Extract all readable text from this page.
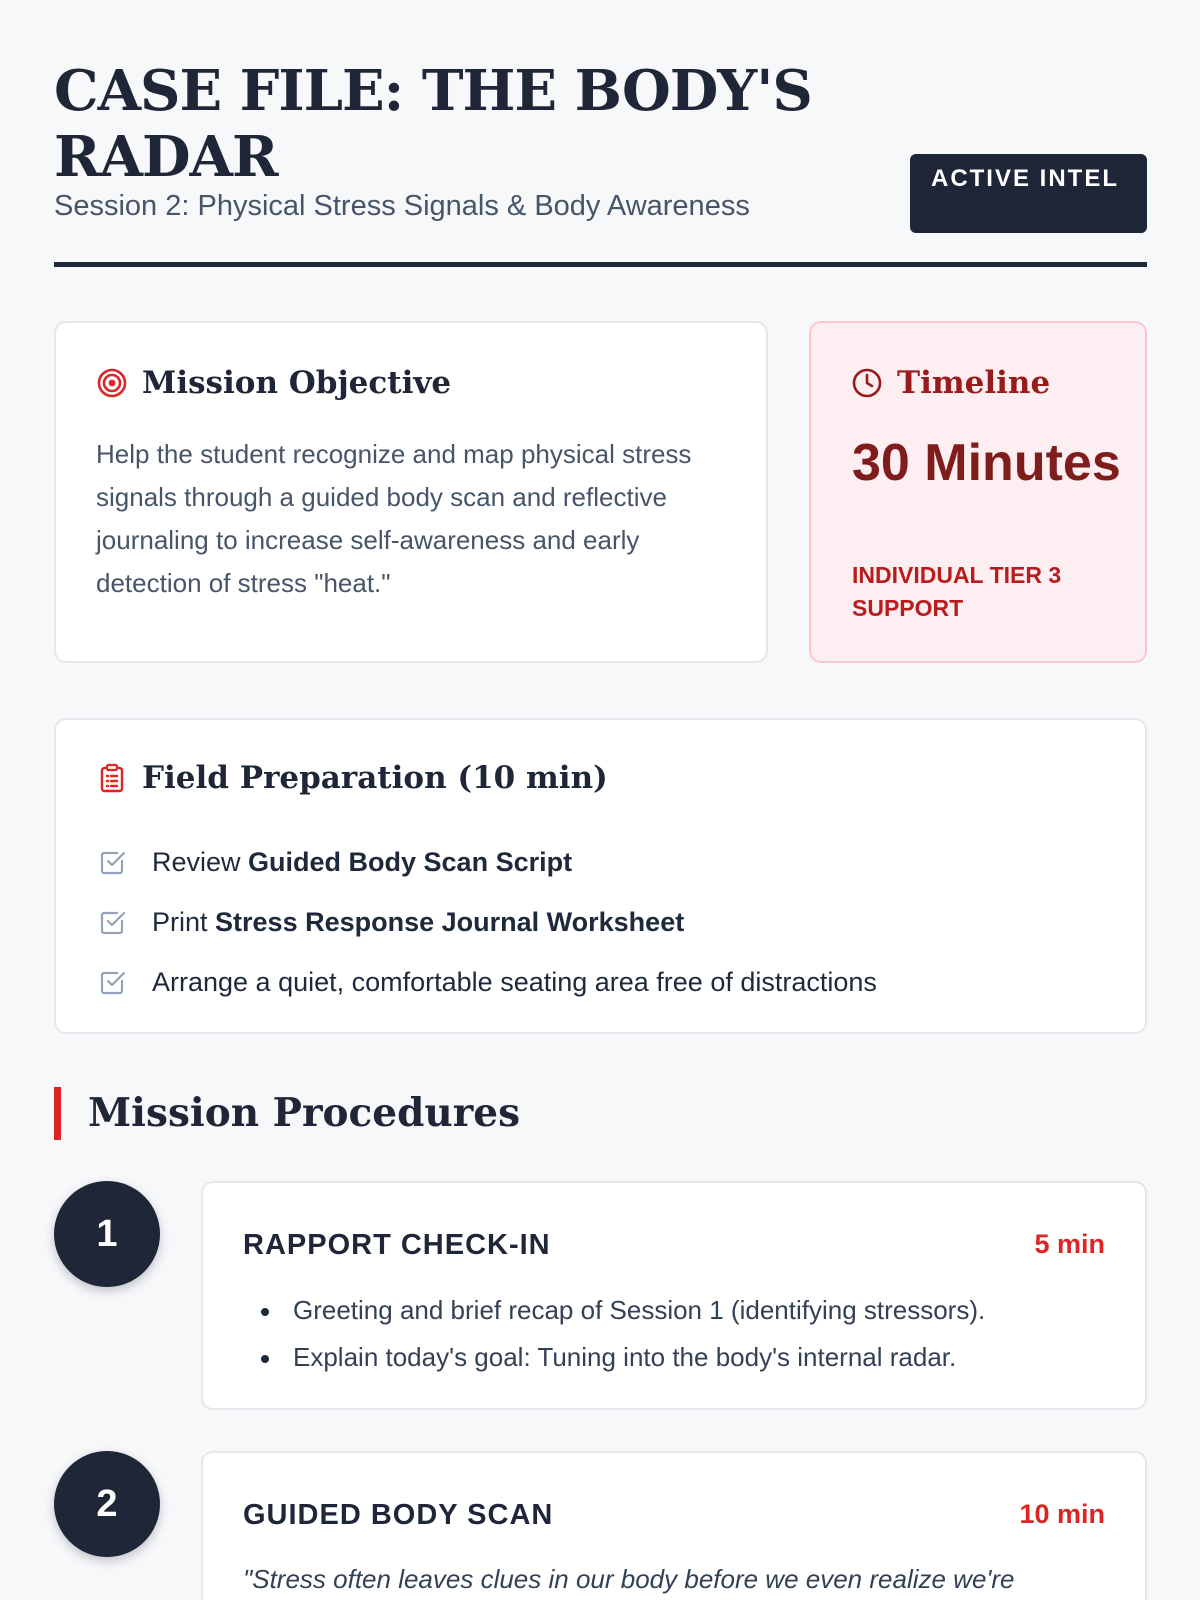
CASE FILE: THE BODY'S RADAR
Session 2: Physical Stress Signals & Body Awareness
ACTIVE INTEL
Mission Objective

Help the student recognize and map physical stress signals through a guided body scan and reflective journaling to increase self-awareness and early detection of stress "heat."

Timeline
30 Minutes
INDIVIDUAL TIER 3 SUPPORT
Field Preparation (10 min)
Review Guided Body Scan Script
Print Stress Response Journal Worksheet
Arrange a quiet, comfortable seating area free of distractions
Mission Procedures
1	RAPPORT CHECK-IN	5 min
Greeting and brief recap of Session 1 (identifying stressors).
Explain today's goal: Tuning into the body's internal radar.
2	GUIDED BODY SCAN	10 min
"Stress often leaves clues in our body before we even realize we're
